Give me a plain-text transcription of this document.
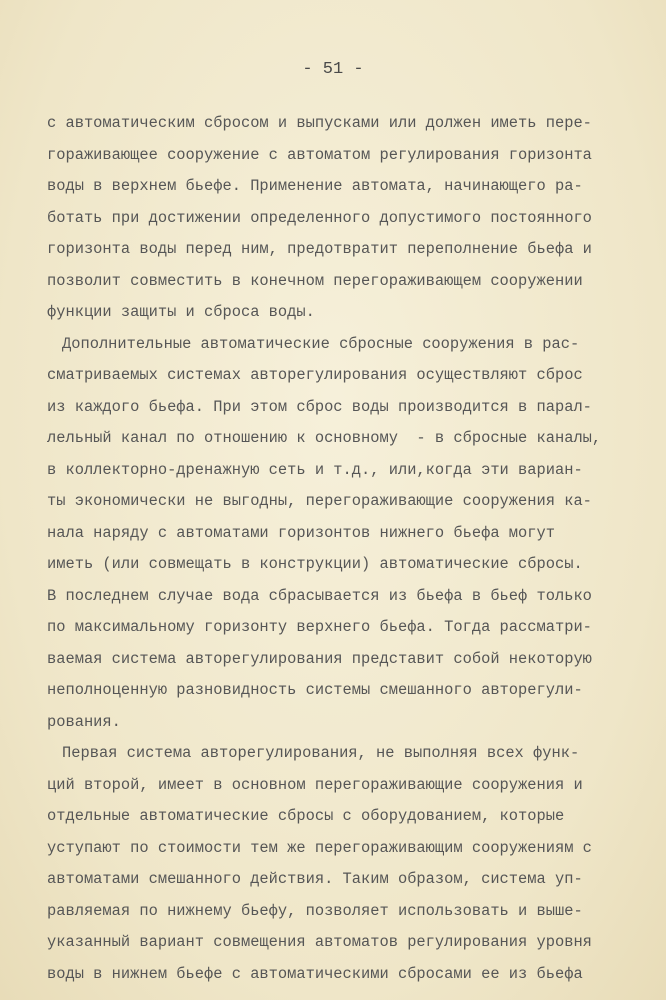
- 51 -
с автоматическим сбросом и выпусками или должен иметь пере-
гораживающее сооружение с автоматом регулирования горизонта
воды в верхнем бьефе. Применение автомата, начинающего ра-
ботать при достижении определенного допустимого постоянного
горизонта воды перед ним, предотвратит переполнение бьефа и
позволит совместить в конечном перегораживающем сооружении
функции защиты и сброса воды.
Дополнительные автоматические сбросные сооружения в рас-
сматриваемых системах авторегулирования осуществляют сброс
из каждого бьефа. При этом сброс воды производится в парал-
лельный канал по отношению к основному  - в сбросные каналы,
в коллекторно-дренажную сеть и т.д., или,когда эти вариан-
ты экономически не выгодны, перегораживающие сооружения ка-
нала наряду с автоматами горизонтов нижнего бьефа могут
иметь (или совмещать в конструкции) автоматические сбросы.
В последнем случае вода сбрасывается из бьефа в бьеф только
по максимальному горизонту верхнего бьефа. Тогда рассматри-
ваемая система авторегулирования представит собой некоторую
неполноценную разновидность системы смешанного авторегули-
рования.
Первая система авторегулирования, не выполняя всех функ-
ций второй, имеет в основном перегораживающие сооружения и
отдельные автоматические сбросы с оборудованием, которые
уступают по стоимости тем же перегораживающим сооружениям с
автоматами смешанного действия. Таким образом, система уп-
равляемая по нижнему бьефу, позволяет использовать и выше-
указанный вариант совмещения автоматов регулирования уровня
воды в нижнем бьефе с автоматическими сбросами ее из бьефа
